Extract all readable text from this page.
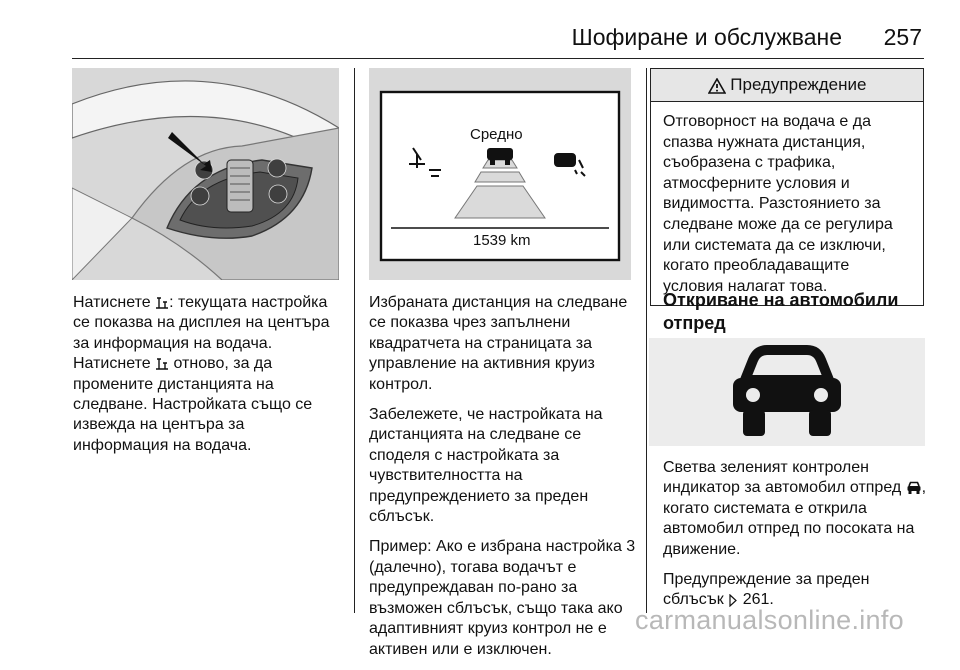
Шофиране и обслужване 257

Натиснете : текущата настройка се показва на дисплея на центъра за информация на водача. Натиснете  отново, за да промените дистанцията на следване. Настройката също се извежда на центъра за информация на водача.

Средно
1539 km

Избраната дистанция на следване се показва чрез запълнени квадратчета на страницата за управление на активния круиз контрол.

Забележете, че настройката на дистанцията на следване се споделя с настройката за чувствителността на предупреждението за преден сблъсък.

Пример: Ако е избрана настройка 3 (далечно), тогава водачът е предупреждаван по-рано за възможен сблъсък, също така ако адаптивният круиз контрол не е активен или е изключен.

Предупреждение
Отговорност на водача е да спазва нужната дистанция, съобразена с трафика, атмосферните условия и видимостта. Разстоянието за следване може да се регулира или системата да се изключи, когато преобладаващите условия налагат това.
Откриване на автомобили отпред

Светва зеленият контролен индикатор за автомобил отпред , когато системата е открила автомобил отпред по посоката на движение.

Предупреждение за преден сблъсък  261.

carmanualsonline.info
